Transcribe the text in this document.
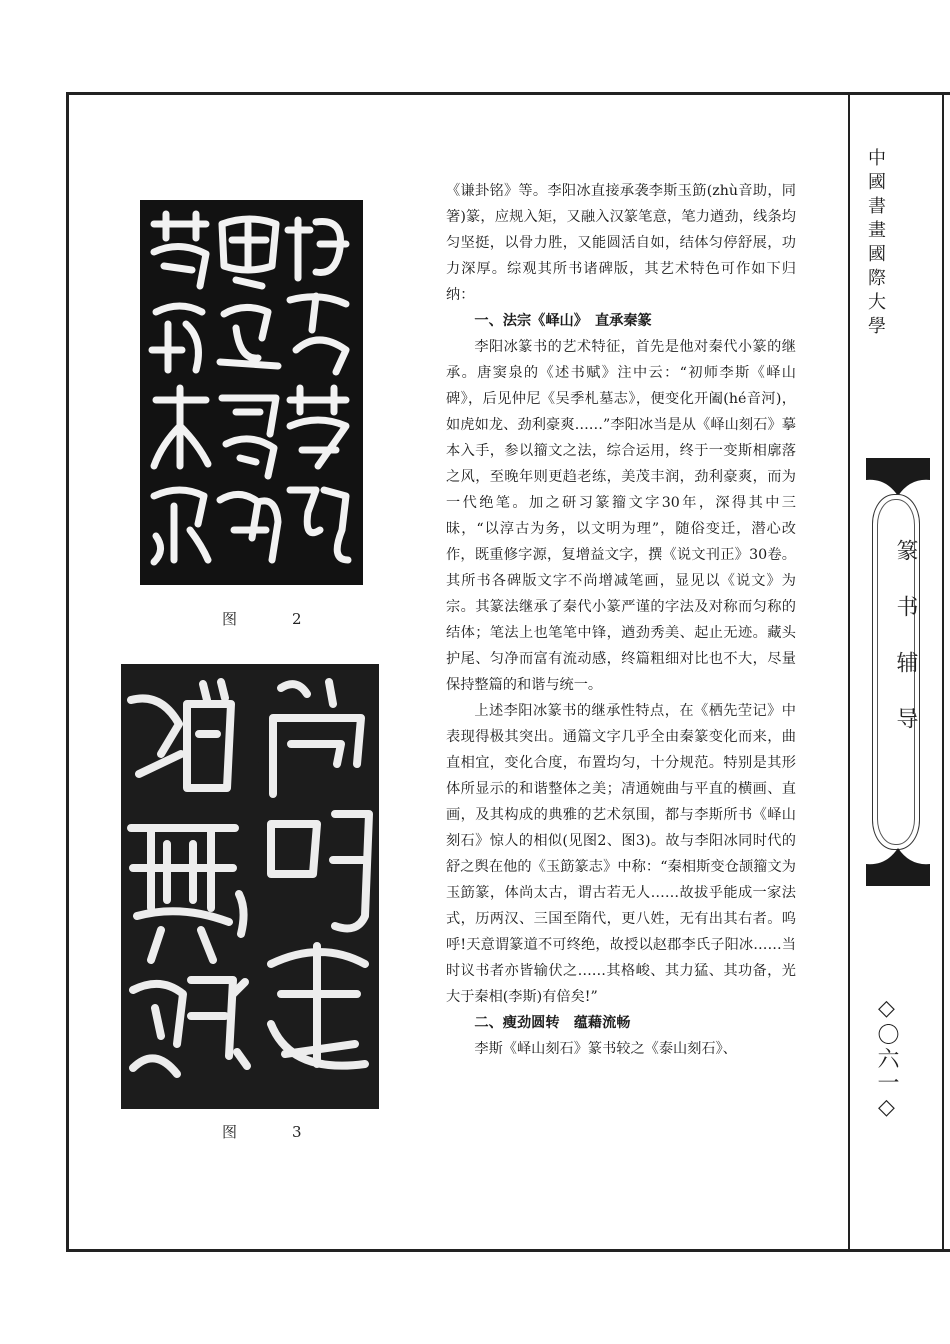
图　2
图　3

《谦卦铭》等。李阳冰直接承袭李斯玉筯(zhù音助，同箸)篆，应规入矩，又融入汉篆笔意，笔力遒劲，线条均匀坚挺，以骨力胜，又能圆活自如，结体匀停舒展，功力深厚。综观其所书诸碑版，其艺术特色可作如下归纳：

一、法宗《峄山》　直承秦篆

李阳冰篆书的艺术特征，首先是他对秦代小篆的继承。唐窦泉的《述书赋》注中云：“初师李斯《峄山碑》，后见仲尼《吴季札墓志》，便变化开阖(hé音河)，如虎如龙、劲利豪爽……”李阳冰当是从《峄山刻石》摹本入手，参以籀文之法，综合运用，终于一变斯相廓落之风，至晚年则更趋老练，美茂丰润，劲利豪爽，而为一代绝笔。加之研习篆籀文字30年，深得其中三昧，“以淳古为务，以文明为理”，随俗变迁，潜心改作，既重修字源，复增益文字，撰《说文刊正》30卷。其所书各碑版文字不尚增减笔画，显见以《说文》为宗。其篆法继承了秦代小篆严谨的字法及对称而匀称的结体；笔法上也笔笔中锋，遒劲秀美、起止无迹。藏头护尾、匀净而富有流动感，终篇粗细对比也不大，尽量保持整篇的和谐与统一。

上述李阳冰篆书的继承性特点，在《栖先茔记》中表现得极其突出。通篇文字几乎全由秦篆变化而来，曲直相宜，变化合度，布置均匀，十分规范。特别是其形体所显示的和谐整体之美；凊通婉曲与平直的横画、直画，及其构成的典雅的艺术氛围，都与李斯所书《峄山刻石》惊人的相似(见图2、图3)。故与李阳冰同时代的舒之舆在他的《玉筯篆志》中称：“秦相斯变仓颉籀文为玉筯篆，体尚太古，谓古若无人……故拔乎能成一家法式，历两汉、三国至隋代，更八姓，无有出其右者。呜呼!天意谓篆道不可终绝，故授以赵郡李氏子阳冰……当时议书者亦皆输伏之……其格峻、其力猛、其功备，光大于秦相(李斯)有倍矣!”

二、瘦劲圆转　蕴藉流畅

李斯《峄山刻石》篆书较之《泰山刻石》、

中國書畫國際大學
篆书辅导
◇〇六一◇
